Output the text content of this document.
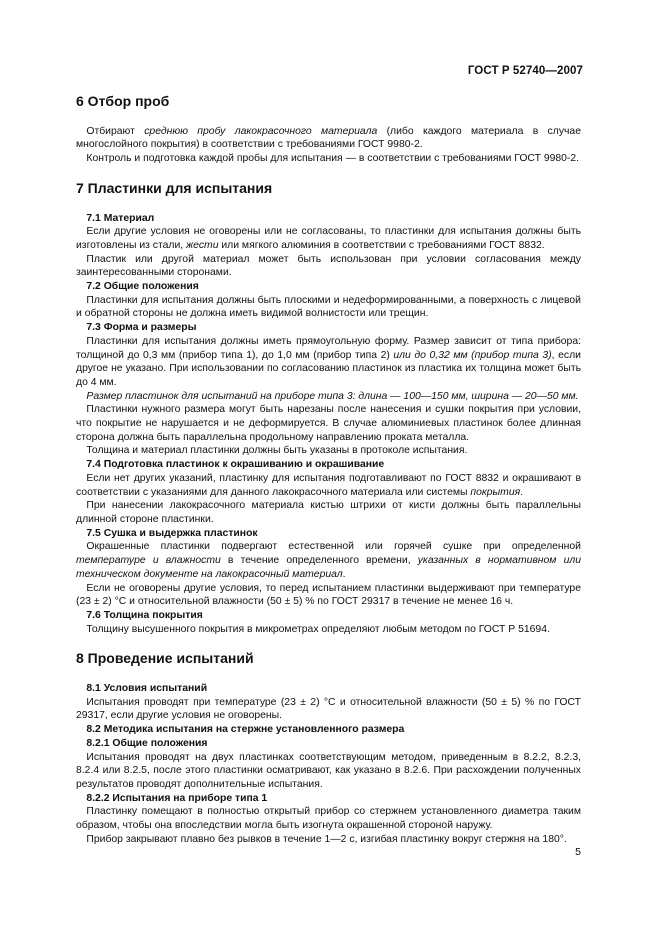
ГОСТ Р 52740—2007
6 Отбор проб

 Отбирают среднюю пробу лакокрасочного материала (либо каждого материала в случае многослойного покрытия) в соответствии с требованиями ГОСТ 9980-2.

 Контроль и подготовка каждой пробы для испытания — в соответствии с требованиями ГОСТ 9980-2.

7 Пластинки для испытания

 7.1 Материал

 Если другие условия не оговорены или не согласованы, то пластинки для испытания должны быть изготовлены из стали, жести или мягкого алюминия в соответствии с требованиями ГОСТ 8832.

 Пластик или другой материал может быть использован при условии согласования между заинтересованными сторонами.

 7.2 Общие положения

 Пластинки для испытания должны быть плоскими и недеформированными, а поверхность с лицевой и обратной стороны не должна иметь видимой волнистости или трещин.

 7.3 Форма и размеры

 Пластинки для испытания должны иметь прямоугольную форму. Размер зависит от типа прибора: толщиной до 0,3 мм (прибор типа 1), до 1,0 мм (прибор типа 2) или до 0,32 мм (прибор типа 3), если другое не указано. При использовании по согласованию пластинок из пластика их толщина может быть до 4 мм.

 Размер пластинок для испытаний на приборе типа 3: длина — 100—150 мм, ширина — 20—50 мм.

 Пластинки нужного размера могут быть нарезаны после нанесения и сушки покрытия при условии, что покрытие не нарушается и не деформируется. В случае алюминиевых пластинок более длинная сторона должна быть параллельна продольному направлению проката металла.

 Толщина и материал пластинки должны быть указаны в протоколе испытания.

 7.4 Подготовка пластинок к окрашиванию и окрашивание

 Если нет других указаний, пластинку для испытания подготавливают по ГОСТ 8832 и окрашивают в соответствии с указаниями для данного лакокрасочного материала или системы покрытия.

 При нанесении лакокрасочного материала кистью штрихи от кисти должны быть параллельны длинной стороне пластинки.

 7.5 Сушка и выдержка пластинок

 Окрашенные пластинки подвергают естественной или горячей сушке при определенной температуре и влажности в течение определенного времени, указанных в нормативном или техническом документе на лакокрасочный материал.

 Если не оговорены другие условия, то перед испытанием пластинки выдерживают при температуре (23 ± 2) °С и относительной влажности (50 ± 5) % по ГОСТ 29317 в течение не менее 16 ч.

 7.6 Толщина покрытия

 Толщину высушенного покрытия в микрометрах определяют любым методом по ГОСТ Р 51694.

8 Проведение испытаний

 8.1 Условия испытаний

 Испытания проводят при температуре (23 ± 2) °С и относительной влажности (50 ± 5) % по ГОСТ 29317, если другие условия не оговорены.

 8.2 Методика испытания на стержне установленного размера

 8.2.1 Общие положения

 Испытания проводят на двух пластинках соответствующим методом, приведенным в 8.2.2, 8.2.3, 8.2.4 или 8.2.5, после этого пластинки осматривают, как указано в 8.2.6. При расхождении полученных результатов проводят дополнительные испытания.

 8.2.2 Испытания на приборе типа 1

 Пластинку помещают в полностью открытый прибор со стержнем установленного диаметра таким образом, чтобы она впоследствии могла быть изогнута окрашенной стороной наружу.

 Прибор закрывают плавно без рывков в течение 1—2 с, изгибая пластинку вокруг стержня на 180°.

5
